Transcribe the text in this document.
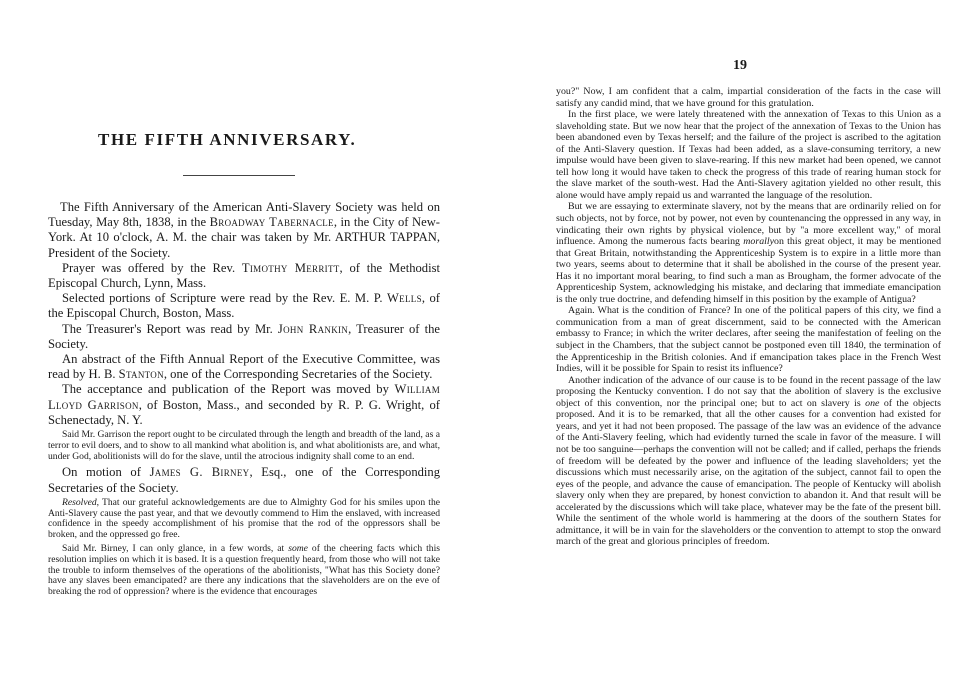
THE FIFTH ANNIVERSARY.

The Fifth Anniversary of the American Anti-Slavery Society was held on Tuesday, May 8th, 1838, in the Broadway Tabernacle, in the City of New-York. At 10 o'clock, A. M. the chair was taken by Mr. ARTHUR TAPPAN, President of the Society.

Prayer was offered by the Rev. Timothy Merritt, of the Methodist Episcopal Church, Lynn, Mass.

Selected portions of Scripture were read by the Rev. E. M. P. Wells, of the Episcopal Church, Boston, Mass.

The Treasurer's Report was read by Mr. John Rankin, Treasurer of the Society.

An abstract of the Fifth Annual Report of the Executive Committee, was read by H. B. Stanton, one of the Corresponding Secretaries of the Society.

The acceptance and publication of the Report was moved by William Lloyd Garrison, of Boston, Mass., and seconded by R. P. G. Wright, of Schenectady, N. Y.

Said Mr. Garrison the report ought to be circulated through the length and breadth of the land, as a terror to evil doers, and to show to all mankind what abolition is, and what abolitionists are, and what, under God, abolitionists will do for the slave, until the atrocious indignity shall come to an end.

On motion of James G. Birney, Esq., one of the Corresponding Secretaries of the Society.

Resolved, That our grateful acknowledgements are due to Almighty God for his smiles upon the Anti-Slavery cause the past year, and that we devoutly commend to Him the enslaved, with increased confidence in the speedy accomplishment of his promise that the rod of the oppressors shall be broken, and the oppressed go free.

Said Mr. Birney, I can only glance, in a few words, at some of the cheering facts which this resolution implies on which it is based. It is a question frequently heard, from those who will not take the trouble to inform themselves of the operations of the abolitionists, "What has this Society done? have any slaves been emancipated? are there any indications that the slaveholders are on the eve of breaking the rod of oppression? where is the evidence that encourages

19

you?" Now, I am confident that a calm, impartial consideration of the facts in the case will satisfy any candid mind, that we have ground for this gratulation.

In the first place, we were lately threatened with the annexation of Texas to this Union as a slaveholding state. But we now hear that the project of the annexation of Texas to the Union has been abandoned even by Texas herself; and the failure of the project is ascribed to the agitation of the Anti-Slavery question. If Texas had been added, as a slave-consuming territory, a new impulse would have been given to slave-rearing. If this new market had been opened, we cannot tell how long it would have taken to check the progress of this trade of rearing human stock for the slave market of the south-west. Had the Anti-Slavery agitation yielded no other result, this alone would have amply repaid us and warranted the language of the resolution.

But we are essaying to exterminate slavery, not by the means that are ordinarily relied on for such objects, not by force, not by power, not even by countenancing the oppressed in any way, in vindicating their own rights by physical violence, but by "a more excellent way," of moral influence. Among the numerous facts bearing morallyon this great object, it may be mentioned that Great Britain, notwithstanding the Apprenticeship System is to expire in a little more than two years, seems about to determine that it shall be abolished in the course of the present year. Has it no important moral bearing, to find such a man as Brougham, the former advocate of the Apprenticeship System, acknowledging his mistake, and declaring that immediate emancipation is the only true doctrine, and defending himself in this position by the example of Antigua?

Again. What is the condition of France? In one of the political papers of this city, we find a communication from a man of great discernment, said to be connected with the American embassy to France; in which the writer declares, after seeing the manifestation of feeling on the subject in the Chambers, that the subject cannot be postponed even till 1840, the termination of the Apprenticeship in the British colonies. And if emancipation takes place in the French West Indies, will it be possible for Spain to resist its influence?

Another indication of the advance of our cause is to be found in the recent passage of the law proposing the Kentucky convention. I do not say that the abolition of slavery is the exclusive object of this convention, nor the principal one; but to act on slavery is one of the objects proposed. And it is to be remarked, that all the other causes for a convention had existed for years, and yet it had not been proposed. The passage of the law was an evidence of the advance of the Anti-Slavery feeling, which had evidently turned the scale in favor of the measure. I will not be too sanguine—perhaps the convention will not be called; and if called, perhaps the friends of freedom will be defeated by the power and influence of the leading slaveholders; yet the discussions which must necessarily arise, on the agitation of the subject, cannot fail to open the eyes of the people, and advance the cause of emancipation. The people of Kentucky will abolish slavery only when they are prepared, by honest conviction to abandon it. And that result will be accelerated by the discussions which will take place, whatever may be the fate of the present bill. While the sentiment of the whole world is hammering at the doors of the southern States for admittance, it will be in vain for the slaveholders or the convention to attempt to stop the onward march of the great and glorious principles of freedom.
